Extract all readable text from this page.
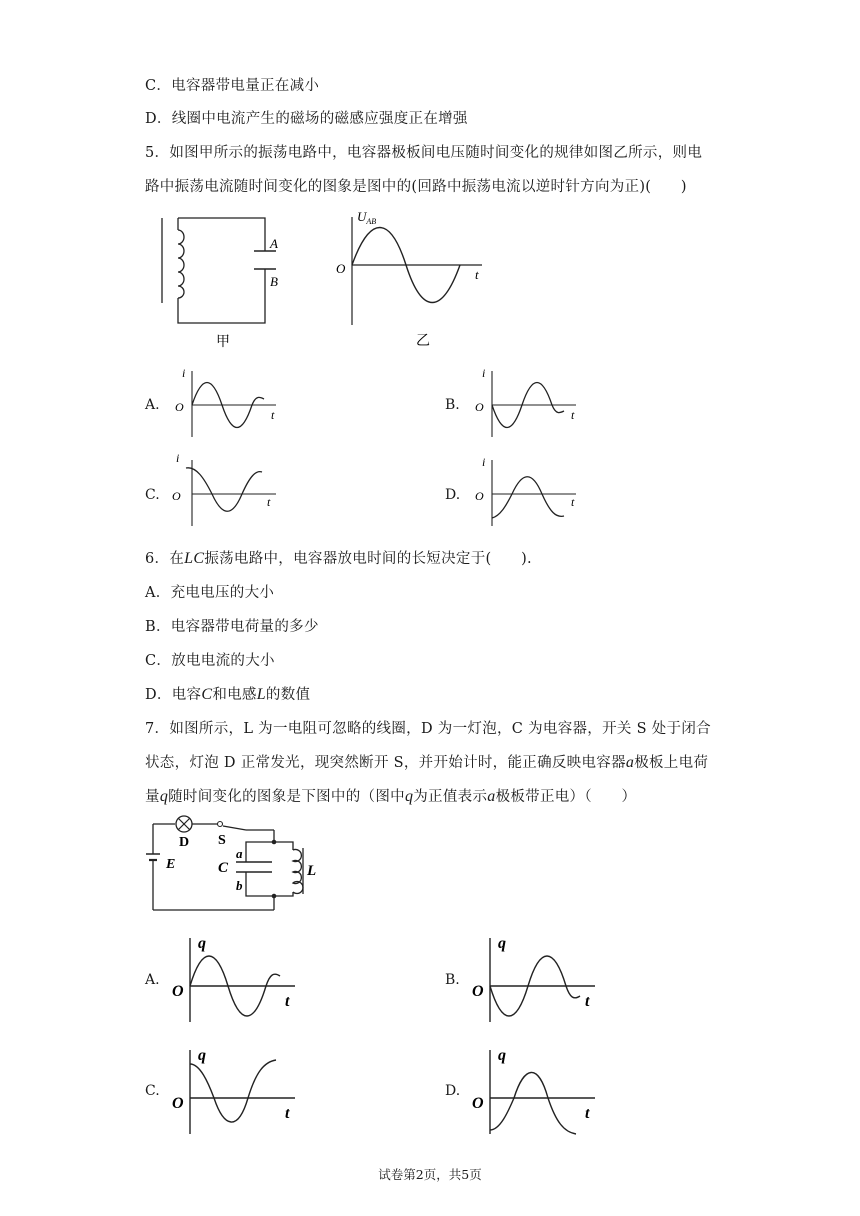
C．电容器带电量正在减小
D．线圈中电流产生的磁场的磁感应强度正在增强
5．如图甲所示的振荡电路中，电容器极板间电压随时间变化的规律如图乙所示，则电
路中振荡电流随时间变化的图象是图中的(回路中振荡电流以逆时针方向为正)(　　)
6．在LC振荡电路中，电容器放电时间的长短决定于(　　).
A．充电电压的大小
B．电容器带电荷量的多少
C．放电电流的大小
D．电容C和电感L的数值
7．如图所示，L 为一电阻可忽略的线圈，D 为一灯泡，C 为电容器，开关 S 处于闭合
状态，灯泡 D 正常发光，现突然断开 S，并开始计时，能正确反映电容器a极板上电荷
量q随时间变化的图象是下图中的（图中q为正值表示a极板带正电）（　　）
A
B
甲
$U_{AB}$
O	t
乙
A.
i
O
t
B.
i
O
t
C.
i
O	t	D.
i
O	t
D S
E	C
a
b
L
A.
q
O
t
B.
q
O
t
C.
q
O
t
D.
q
O
t
试卷第2页，共5页
